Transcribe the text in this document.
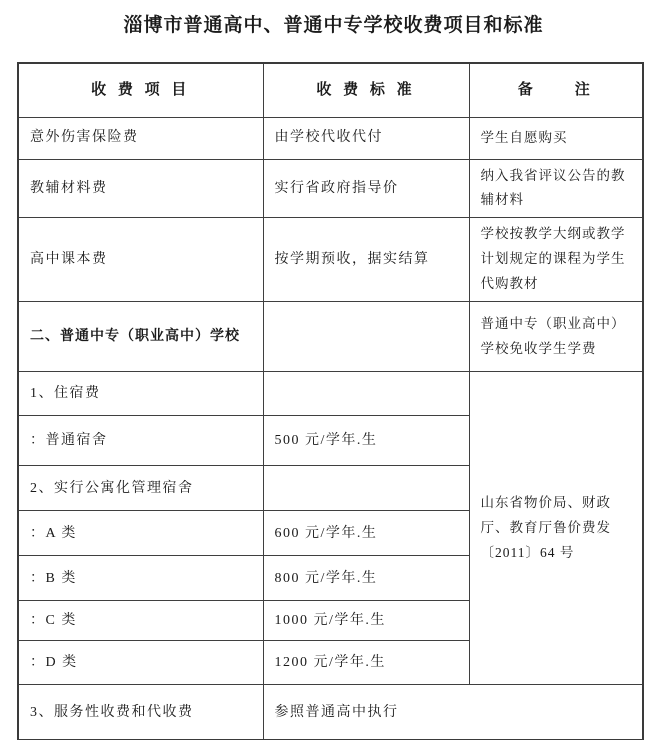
淄博市普通高中、普通中专学校收费项目和标准
收 费 项 目	收 费 标 准	备　　注
意外伤害保险费	由学校代收代付	学生自愿购买
教辅材料费	实行省政府指导价	纳入我省评议公告的教辅材料
高中课本费	按学期预收，据实结算	学校按教学大纲或教学计划规定的课程为学生代购教材
二、普通中专（职业高中）学校		普通中专（职业高中）学校免收学生学费
1、住宿费		山东省物价局、财政厅、教育厅鲁价费发〔2011〕64 号
：普通宿舍	500 元/学年.生	
2、实行公寓化管理宿舍		
：A 类	600 元/学年.生	
：B 类	800 元/学年.生	
：C 类	1000 元/学年.生	
：D 类	1200 元/学年.生	
3、服务性收费和代收费	参照普通高中执行	
